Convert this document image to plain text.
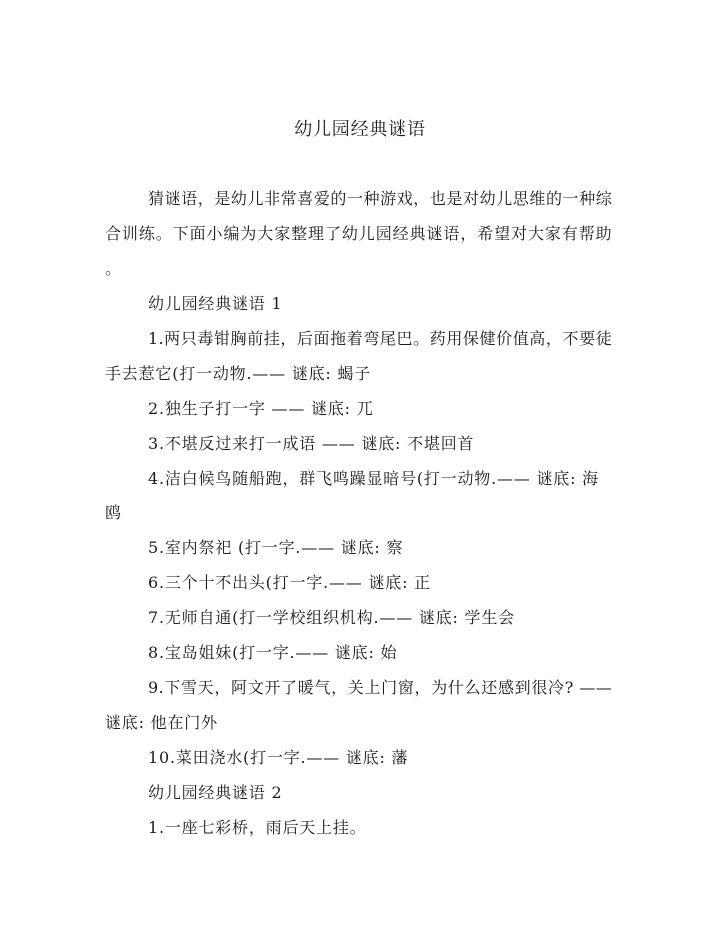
幼儿园经典谜语
猜谜语，是幼儿非常喜爱的一种游戏，也是对幼儿思维的一种综
合训练。下面小编为大家整理了幼儿园经典谜语，希望对大家有帮助
。
幼儿园经典谜语 1
1.两只毒钳胸前挂，后面拖着弯尾巴。药用保健价值高，不要徒
手去惹它(打一动物.—— 谜底: 蝎子
2.独生子打一字 —— 谜底: 兀
3.不堪反过来打一成语 —— 谜底: 不堪回首
4.洁白候鸟随船跑，群飞鸣躁显暗号(打一动物.—— 谜底: 海
鸥
5.室内祭祀 (打一字.—— 谜底: 察
6.三个十不出头(打一字.—— 谜底: 正
7.无师自通(打一学校组织机构.—— 谜底: 学生会
8.宝岛姐妹(打一字.—— 谜底: 始
9.下雪天，阿文开了暖气，关上门窗，为什么还感到很冷? ——
谜底: 他在门外
10.菜田浇水(打一字.—— 谜底: 藩
幼儿园经典谜语 2
1.一座七彩桥，雨后天上挂。
